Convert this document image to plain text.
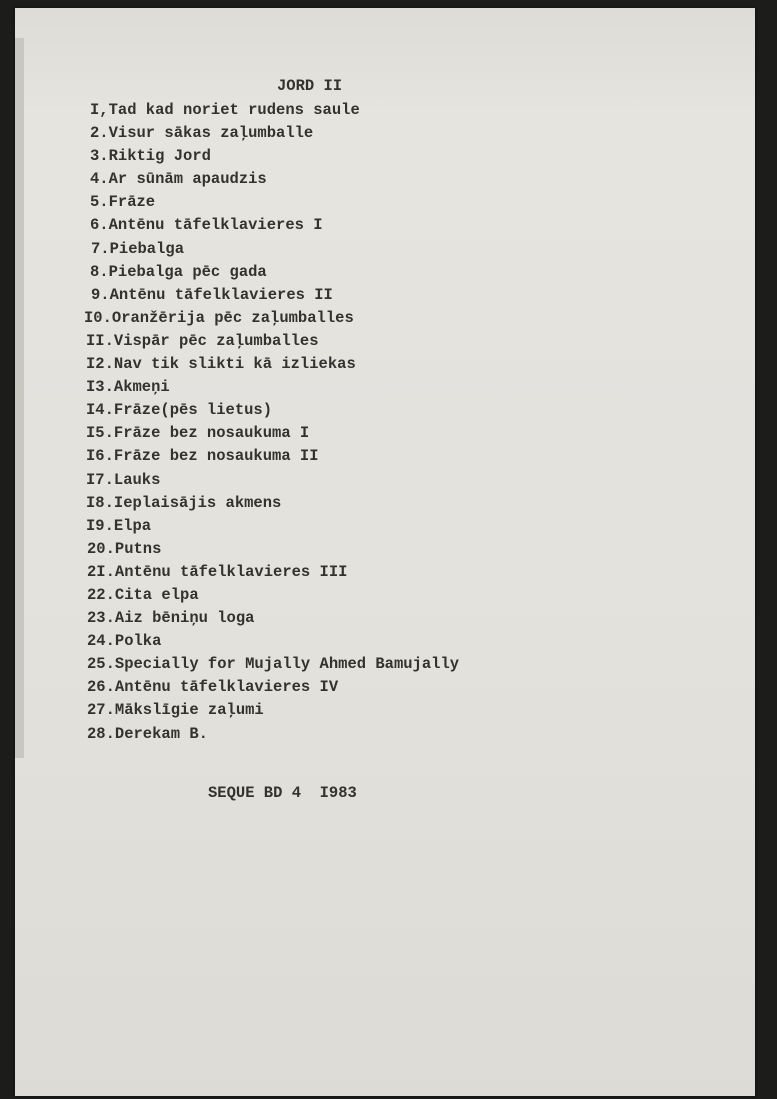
JORD II
I,Tad kad noriet rudens saule
2.Visur sākas zaļumballe
3.Riktig Jord
4.Ar sūnām apaudzis
5.Frāze
6.Antēnu tāfelklavieres I
7.Piebalga
8.Piebalga pēc gada
9.Antēnu tāfelklavieres II
I0.Oranžērija pēc zaļumballes
II.Vispār pēc zaļumballes
I2.Nav tik slikti kā izliekas
I3.Akmeņi
I4.Frāze(pēs lietus)
I5.Frāze bez nosaukuma I
I6.Frāze bez nosaukuma II
I7.Lauks
I8.Ieplaisājis akmens
I9.Elpa
20.Putns
2I.Antēnu tāfelklavieres III
22.Cita elpa
23.Aiz bēniņu loga
24.Polka
25.Specially for Mujally Ahmed Bamujally
26.Antēnu tāfelklavieres IV
27.Mākslīgie zaļumi
28.Derekam B.
SEQUE BD 4  I983
